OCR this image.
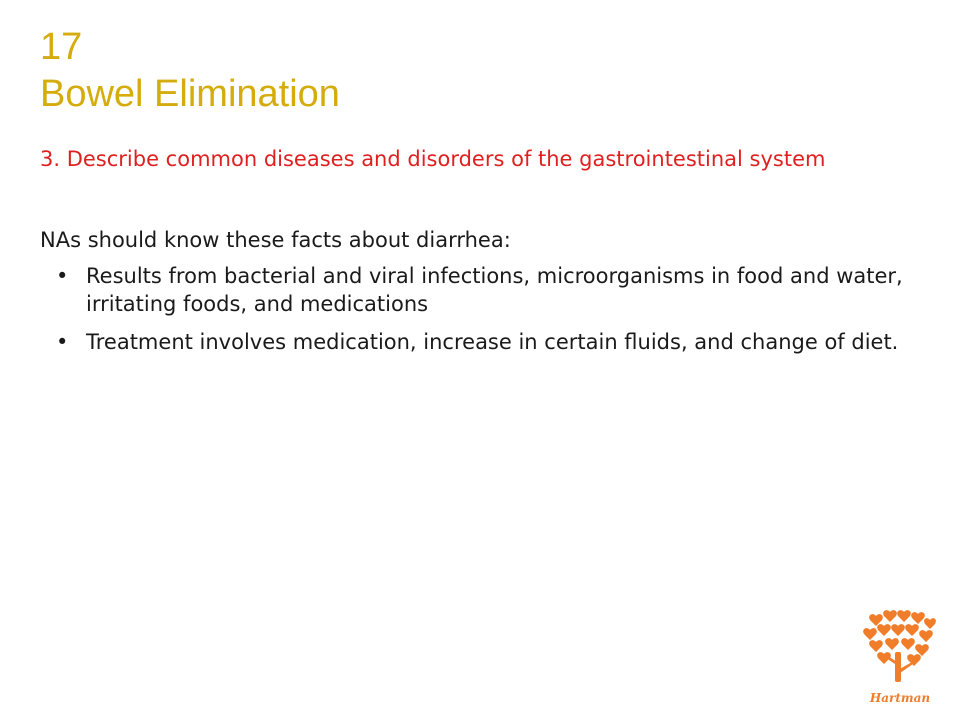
17
Bowel Elimination
3. Describe common diseases and disorders of the gastrointestinal system
NAs should know these facts about diarrhea:
• Results from bacterial and viral infections, microorganisms in food and water, irritating foods, and medications
• Treatment involves medication, increase in certain fluids, and change of diet.
Hartman
